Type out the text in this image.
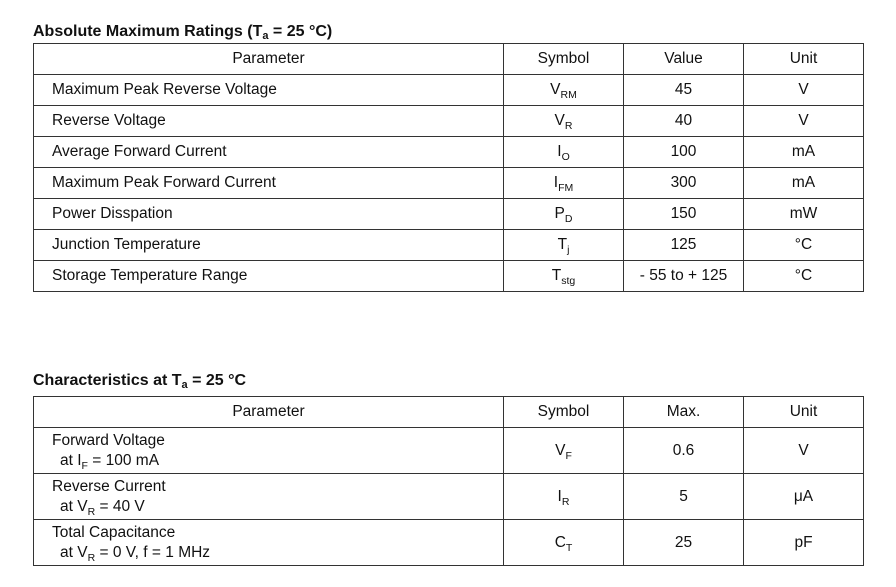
Absolute Maximum Ratings ($T_a = 25$ °C)
Parameter	Symbol	Value	Unit
Maximum Peak Reverse Voltage	$V_{RM}$	45	V
Reverse Voltage	$V_R$	40	V
Average Forward Current	$I_O$	100	mA
Maximum Peak Forward Current	$I_{FM}$	300	mA
Power Disspation	$P_D$	150	mW
Junction Temperature	$T_j$	125	°C
Storage Temperature Range	$T_{stg}$	- 55 to + 125	°C
Characteristics at $T_a = 25$ °C
Parameter	Symbol	Max.	Unit
Forward Voltage
at $I_F = 100$ mA	$V_F$	0.6	V
Reverse Current
at $V_R = 40$ V	$I_R$	5	μA
Total Capacitance
at $V_R = 0$ V, f = 1 MHz	$C_T$	25	pF
